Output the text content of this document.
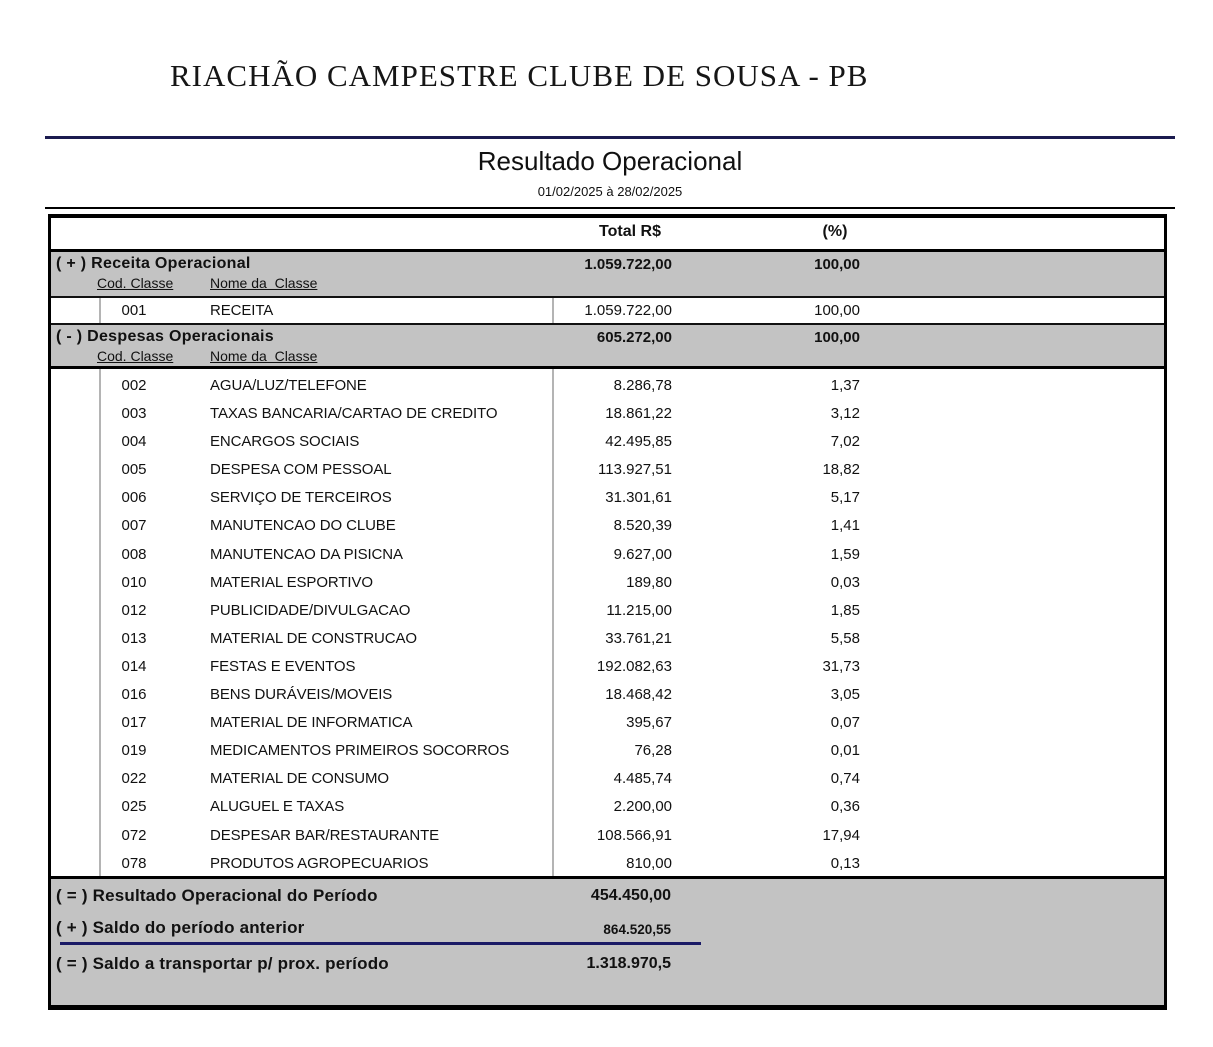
RIACHÃO CAMPESTRE CLUBE DE SOUSA - PB
Resultado Operacional
01/02/2025 à 28/02/2025
Total R$	(%)
( + ) Receita Operacional	1.059.722,00	100,00
Cod. Classe	Nome da  Classe
001	RECEITA	1.059.722,00	100,00
( - ) Despesas Operacionais	605.272,00	100,00
Cod. Classe	Nome da  Classe
002	AGUA/LUZ/TELEFONE	8.286,78	1,37
003	TAXAS BANCARIA/CARTAO DE CREDITO	18.861,22	3,12
004	ENCARGOS SOCIAIS	42.495,85	7,02
005	DESPESA COM PESSOAL	113.927,51	18,82
006	SERVIÇO DE TERCEIROS	31.301,61	5,17
007	MANUTENCAO DO CLUBE	8.520,39	1,41
008	MANUTENCAO DA PISICNA	9.627,00	1,59
010	MATERIAL ESPORTIVO	189,80	0,03
012	PUBLICIDADE/DIVULGACAO	11.215,00	1,85
013	MATERIAL DE CONSTRUCAO	33.761,21	5,58
014	FESTAS E EVENTOS	192.082,63	31,73
016	BENS DURÁVEIS/MOVEIS	18.468,42	3,05
017	MATERIAL DE INFORMATICA	395,67	0,07
019	MEDICAMENTOS PRIMEIROS SOCORROS	76,28	0,01
022	MATERIAL DE CONSUMO	4.485,74	0,74
025	ALUGUEL E TAXAS	2.200,00	0,36
072	DESPESAR BAR/RESTAURANTE	108.566,91	17,94
078	PRODUTOS AGROPECUARIOS	810,00	0,13
( = ) Resultado Operacional do Período	454.450,00
( + ) Saldo do período anterior	864.520,55
( = ) Saldo a transportar p/ prox. período	1.318.970,5
